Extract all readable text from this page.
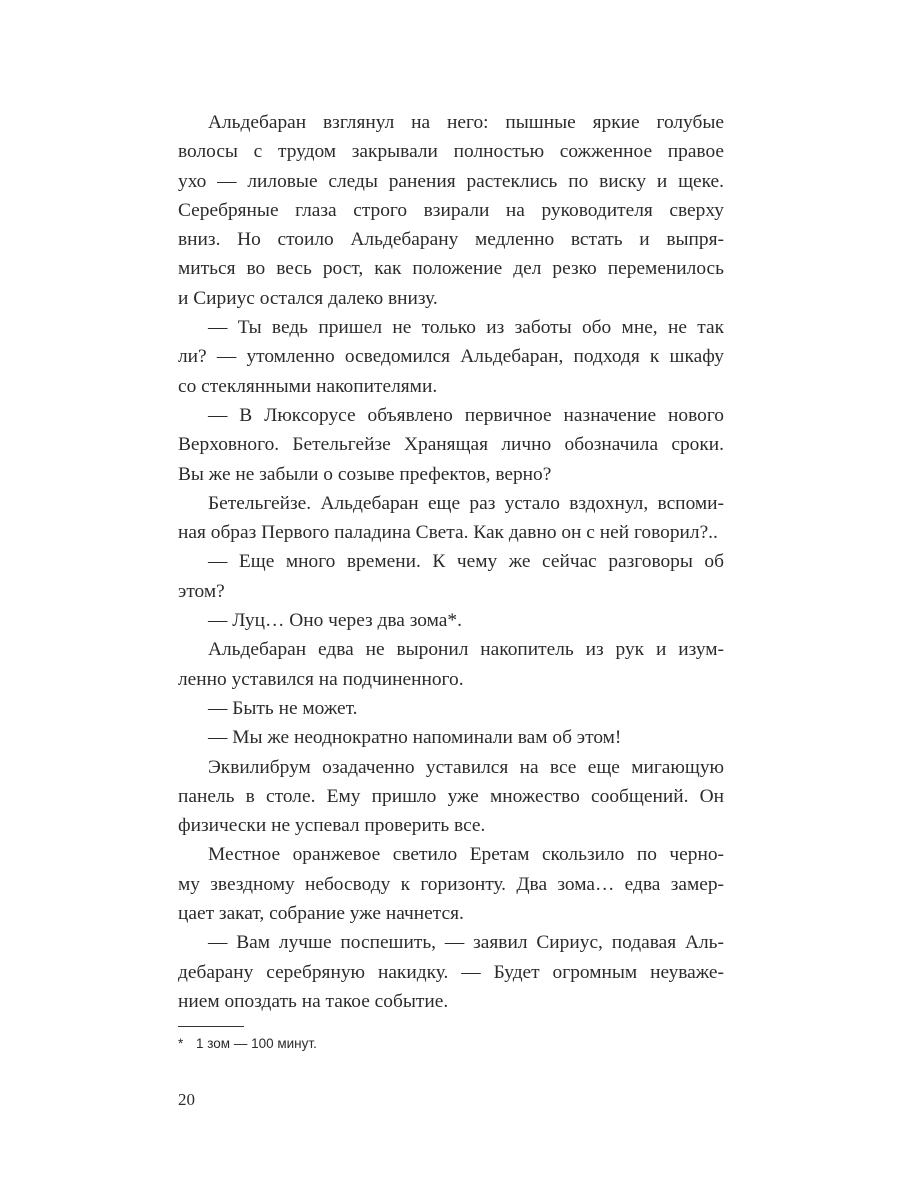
Альдебаран взглянул на него: пышные яркие голубые
волосы с трудом закрывали полностью сожженное правое
ухо — лиловые следы ранения растеклись по виску и щеке.
Серебряные глаза строго взирали на руководителя сверху
вниз. Но стоило Альдебарану медленно встать и выпря-
миться во весь рост, как положение дел резко переменилось
и Сириус остался далеко внизу.
— Ты ведь пришел не только из заботы обо мне, не так
ли? — утомленно осведомился Альдебаран, подходя к шкафу
со стеклянными накопителями.
— В Люксорусе объявлено первичное назначение нового
Верховного. Бетельгейзе Хранящая лично обозначила сроки.
Вы же не забыли о созыве префектов, верно?
Бетельгейзе. Альдебаран еще раз устало вздохнул, вспоми-
ная образ Первого паладина Света. Как давно он с ней говорил?..
— Еще много времени. К чему же сейчас разговоры об
этом?
— Луц… Оно через два зома*.
Альдебаран едва не выронил накопитель из рук и изум-
ленно уставился на подчиненного.
— Быть не может.
— Мы же неоднократно напоминали вам об этом!
Эквилибрум озадаченно уставился на все еще мигающую
панель в столе. Ему пришло уже множество сообщений. Он
физически не успевал проверить все.
Местное оранжевое светило Еретам скользило по черно-
му звездному небосводу к горизонту. Два зома… едва замер-
цает закат, собрание уже начнется.
— Вам лучше поспешить, — заявил Сириус, подавая Аль-
дебарану серебряную накидку. — Будет огромным неуваже-
нием опоздать на такое событие.
* 1 зом — 100 минут.
20
